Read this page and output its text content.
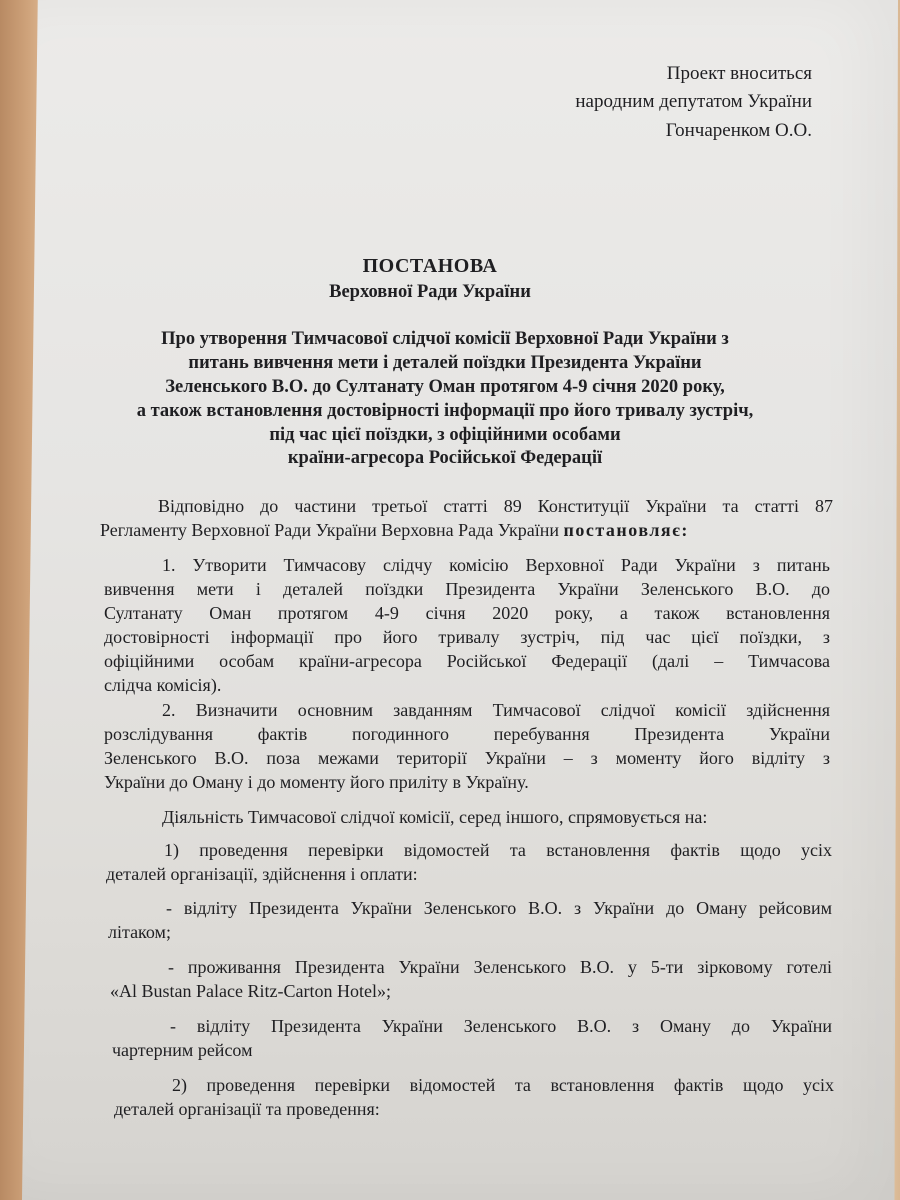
Проект вноситься
народним депутатом України
Гончаренком О.О.
ПОСТАНОВА
Верховної Ради України
Про утворення Тимчасової слідчої комісії Верховної Ради України з
питань вивчення мети і деталей поїздки Президента України
Зеленського В.О. до Султанату Оман протягом 4-9 січня 2020 року,
а також встановлення достовірності інформації про його тривалу зустріч,
під час цієї поїздки, з офіційними особами
країни-агресора Російської Федерації
Відповідно до частини третьої статті 89 Конституції України та статті 87
Регламенту Верховної Ради України Верховна Рада України постановляє:
1. Утворити Тимчасову слідчу комісію Верховної Ради України з питань
вивчення мети і деталей поїздки Президента України Зеленського В.О. до
Султанату Оман протягом 4-9 січня 2020 року, а також встановлення
достовірності інформації про його тривалу зустріч, під час цієї поїздки, з
офіційними особам країни-агресора Російської Федерації (далі – Тимчасова
слідча комісія).
2. Визначити основним завданням Тимчасової слідчої комісії здійснення
розслідування фактів погодинного перебування Президента України
Зеленського В.О. поза межами території України – з моменту його відліту з
України до Оману і до моменту його приліту в Україну.
Діяльність Тимчасової слідчої комісії, серед іншого, спрямовується на:
1) проведення перевірки відомостей та встановлення фактів щодо усіх
деталей організації, здійснення і оплати:
- відліту Президента України Зеленського В.О. з України до Оману рейсовим
літаком;
- проживання Президента України Зеленського В.О. у 5-ти зірковому готелі
«Al Bustan Palace Ritz-Carton Hotel»;
- відліту Президента України Зеленського В.О. з Оману до України
чартерним рейсом
2) проведення перевірки відомостей та встановлення фактів щодо усіх
деталей організації та проведення:
